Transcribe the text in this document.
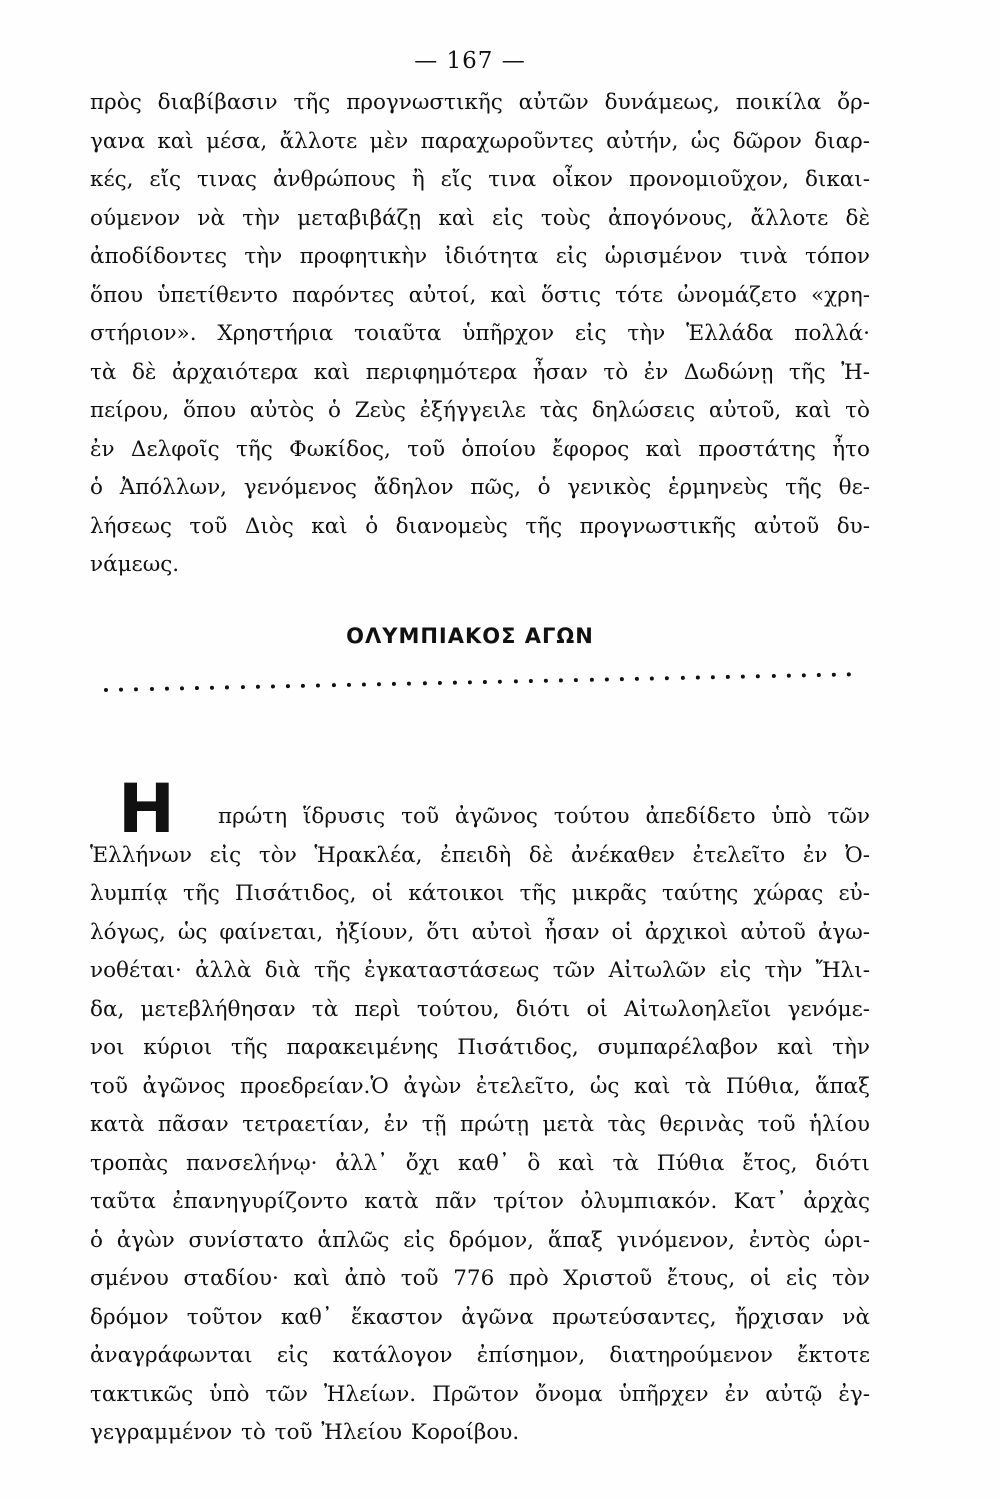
— 167 —
πρὸς διαβίβασιν τῆς προγνωστικῆς αὐτῶν δυνάμεως, ποικίλα ὄρ-
γανα καὶ μέσα, ἄλλοτε μὲν παραχωροῦντες αὐτήν, ὡς δῶρον διαρ-
κές, εἴς τινας ἀνθρώπους ἢ εἴς τινα οἶκον προνομιοῦχον, δικαι-
ούμενον νὰ τὴν μεταβιβάζῃ καὶ εἰς τοὺς ἀπογόνους, ἄλλοτε δὲ
ἀποδίδοντες τὴν προφητικὴν ἰδιότητα εἰς ὡρισμένον τινὰ τόπον
ὅπου ὑπετίθεντο παρόντες αὐτοί, καὶ ὅστις τότε ὠνομάζετο «χρη-
στήριον». Χρηστήρια τοιαῦτα ὑπῆρχον εἰς τὴν Ἑλλάδα πολλά·
τὰ δὲ ἀρχαιότερα καὶ περιφημότερα ἦσαν τὸ ἐν Δωδώνῃ τῆς Ἠ-
πείρου, ὅπου αὐτὸς ὁ Ζεὺς ἐξήγγειλε τὰς δηλώσεις αὐτοῦ, καὶ τὸ
ἐν Δελφοῖς τῆς Φωκίδος, τοῦ ὁποίου ἔφορος καὶ προστάτης ἦτο
ὁ Ἀπόλλων, γενόμενος ἄδηλον πῶς, ὁ γενικὸς ἑρμηνεὺς τῆς θε-
λήσεως τοῦ Διὸς καὶ ὁ διανομεὺς τῆς προγνωστικῆς αὐτοῦ δυ-
νάμεως.
ΟΛΥΜΠΙΑΚΟΣ ΑΓΩΝ
Η πρώτη ἵδρυσις τοῦ ἀγῶνος τούτου ἀπεδίδετο ὑπὸ τῶν
Ἑλλήνων εἰς τὸν Ἡρακλέα, ἐπειδὴ δὲ ἀνέκαθεν ἐτελεῖτο ἐν Ὀ-
λυμπίᾳ τῆς Πισάτιδος, οἱ κάτοικοι τῆς μικρᾶς ταύτης χώρας εὐ-
λόγως, ὡς φαίνεται, ἠξίουν, ὅτι αὐτοὶ ἦσαν οἱ ἀρχικοὶ αὐτοῦ ἀγω-
νοθέται· ἀλλὰ διὰ τῆς ἐγκαταστάσεως τῶν Αἰτωλῶν εἰς τὴν Ἤλι-
δα, μετεβλήθησαν τὰ περὶ τούτου, διότι οἱ Αἰτωλοηλεῖοι γενόμε-
νοι κύριοι τῆς παρακειμένης Πισάτιδος, συμπαρέλαβον καὶ τὴν
τοῦ ἀγῶνος προεδρείαν.Ὁ ἀγὼν ἐτελεῖτο, ὡς καὶ τὰ Πύθια, ἅπαξ
κατὰ πᾶσαν τετραετίαν, ἐν τῇ πρώτῃ μετὰ τὰς θερινὰς τοῦ ἡλίου
τροπὰς πανσελήνῳ· ἀλλ᾿ ὄχι καθ᾿ ὃ καὶ τὰ Πύθια ἔτος, διότι
ταῦτα ἐπανηγυρίζοντο κατὰ πᾶν τρίτον ὀλυμπιακόν. Κατ᾿ ἀρχὰς
ὁ ἀγὼν συνίστατο ἁπλῶς εἰς δρόμον, ἅπαξ γινόμενον, ἐντὸς ὡρι-
σμένου σταδίου· καὶ ἀπὸ τοῦ 776 πρὸ Χριστοῦ ἔτους, οἱ εἰς τὸν
δρόμον τοῦτον καθ᾿ ἕκαστον ἀγῶνα πρωτεύσαντες, ἤρχισαν νὰ
ἀναγράφωνται εἰς κατάλογον ἐπίσημον, διατηρούμενον ἔκτοτε
τακτικῶς ὑπὸ τῶν Ἠλείων. Πρῶτον ὄνομα ὑπῆρχεν ἐν αὐτῷ ἐγ-
γεγραμμένον τὸ τοῦ Ἠλείου Κοροίβου.
